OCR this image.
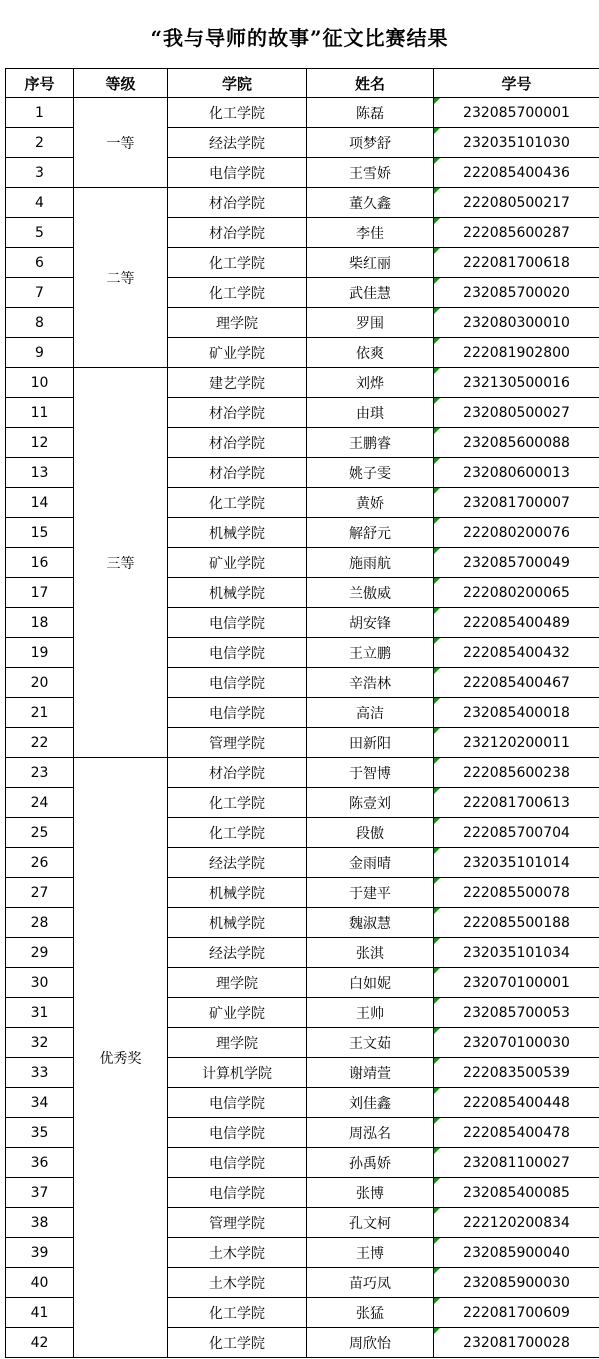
“我与导师的故事”征文比赛结果
序号	等级	学院	姓名	学号
1	一等	化工学院	陈磊	232085700001
2		经法学院	项梦舒	232035101030
3		电信学院	王雪娇	222085400436
4	二等	材冶学院	董久鑫	222080500217
5		材冶学院	李佳	222085600287
6		化工学院	柴红丽	222081700618
7		化工学院	武佳慧	232085700020
8		理学院	罗围	232080300010
9		矿业学院	依爽	222081902800
10	三等	建艺学院	刘烨	232130500016
11		材冶学院	由琪	232080500027
12		材冶学院	王鹏睿	232085600088
13		材冶学院	姚子雯	232080600013
14		化工学院	黄娇	232081700007
15		机械学院	解舒元	222080200076
16		矿业学院	施雨航	232085700049
17		机械学院	兰傲威	222080200065
18		电信学院	胡安锋	222085400489
19		电信学院	王立鹏	222085400432
20		电信学院	辛浩林	222085400467
21		电信学院	高洁	232085400018
22		管理学院	田新阳	232120200011
23	优秀奖	材冶学院	于智博	222085600238
24		化工学院	陈壹刘	222081700613
25		化工学院	段傲	222085700704
26		经法学院	金雨晴	232035101014
27		机械学院	于建平	222085500078
28		机械学院	魏淑慧	222085500188
29		经法学院	张淇	232035101034
30		理学院	白如妮	232070100001
31		矿业学院	王帅	232085700053
32		理学院	王文茹	232070100030
33		计算机学院	谢靖萱	222083500539
34		电信学院	刘佳鑫	222085400448
35		电信学院	周泓名	222085400478
36		电信学院	孙禹娇	232081100027
37		电信学院	张博	232085400085
38		管理学院	孔文柯	222120200834
39		土木学院	王博	232085900040
40		土木学院	苗巧凤	232085900030
41		化工学院	张猛	222081700609
42		化工学院	周欣怡	232081700028
